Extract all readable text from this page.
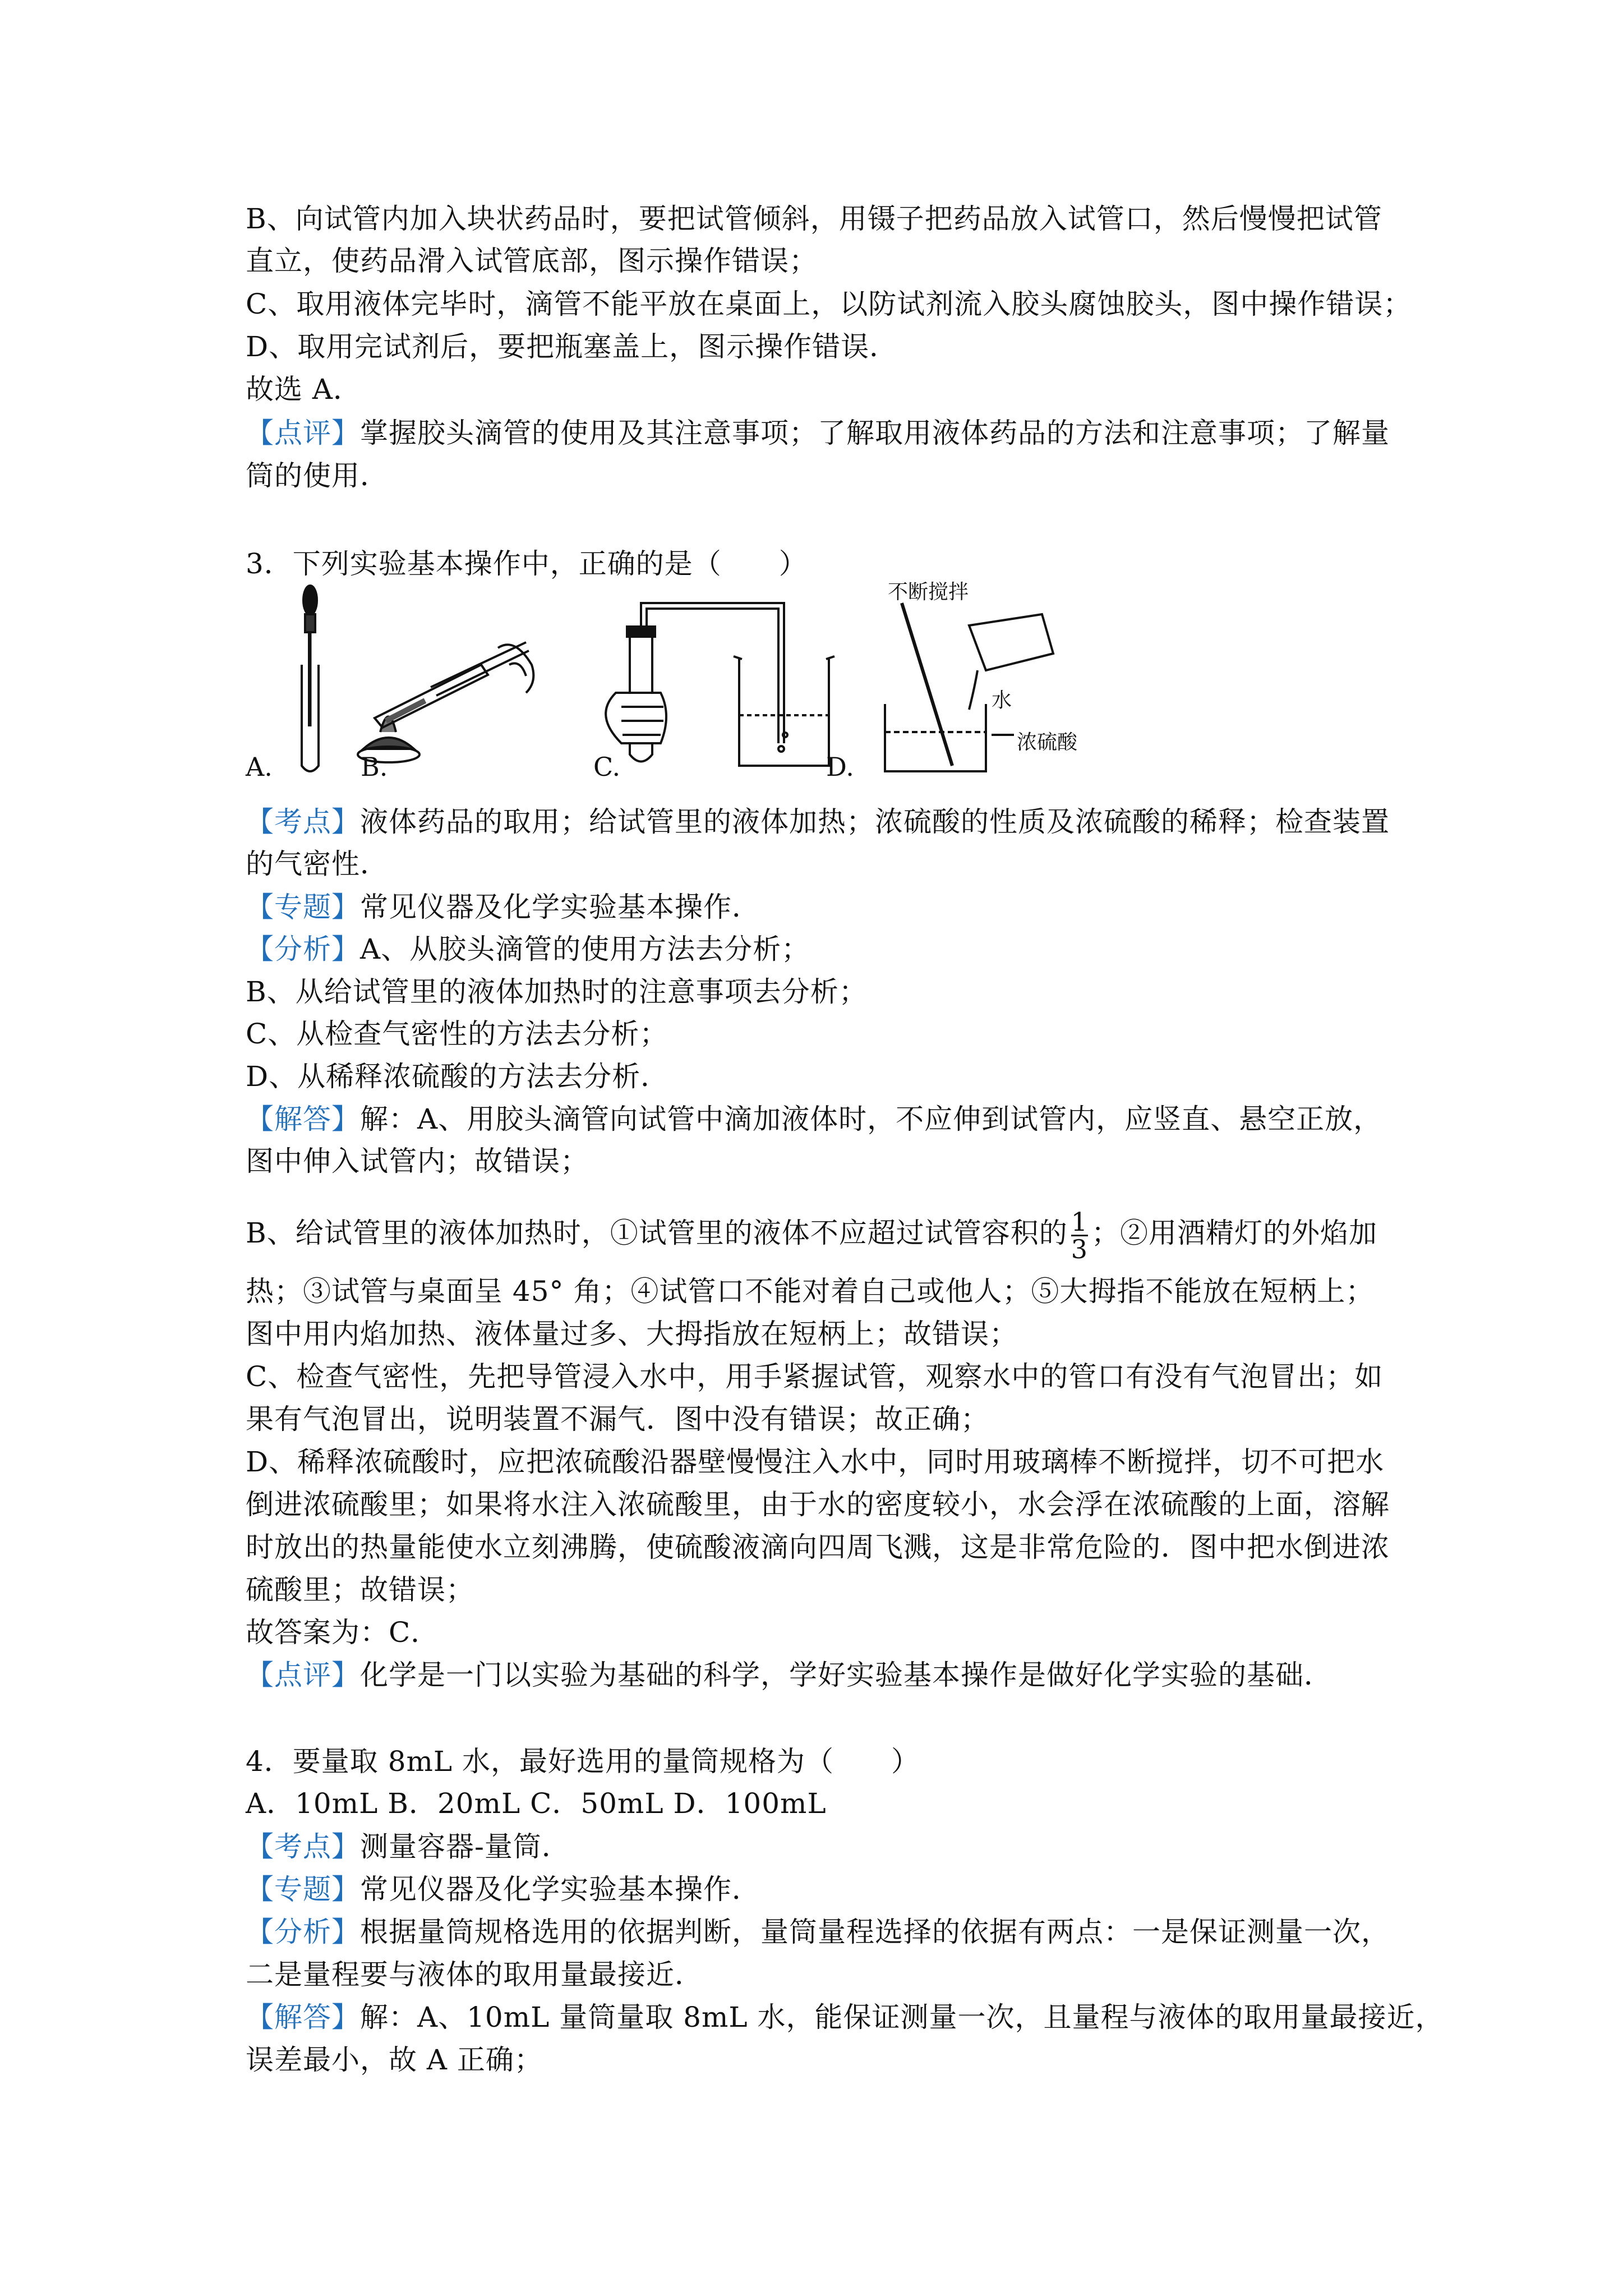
B、向试管内加入块状药品时，要把试管倾斜，用镊子把药品放入试管口，然后慢慢把试管
直立，使药品滑入试管底部，图示操作错误；
C、取用液体完毕时，滴管不能平放在桌面上，以防试剂流入胶头腐蚀胶头，图中操作错误；
D、取用完试剂后，要把瓶塞盖上，图示操作错误．
故选 A．
【点评】掌握胶头滴管的使用及其注意事项；了解取用液体药品的方法和注意事项；了解量
筒的使用．
3．下列实验基本操作中，正确的是（　　）
不断搅拌
水
浓硫酸
A.	B.	C.	D.
【考点】液体药品的取用；给试管里的液体加热；浓硫酸的性质及浓硫酸的稀释；检查装置
的气密性．
【专题】常见仪器及化学实验基本操作．
【分析】A、从胶头滴管的使用方法去分析；
B、从给试管里的液体加热时的注意事项去分析；
C、从检查气密性的方法去分析；
D、从稀释浓硫酸的方法去分析．
【解答】解：A、用胶头滴管向试管中滴加液体时，不应伸到试管内，应竖直、悬空正放，
图中伸入试管内；故错误；
B、给试管里的液体加热时，①试管里的液体不应超过试管容积的 $\frac{1}{3}$ ；②用酒精灯的外焰加
热；③试管与桌面呈 45° 角；④试管口不能对着自己或他人；⑤大拇指不能放在短柄上；
图中用内焰加热、液体量过多、大拇指放在短柄上；故错误；
C、检查气密性，先把导管浸入水中，用手紧握试管，观察水中的管口有没有气泡冒出；如
果有气泡冒出，说明装置不漏气．图中没有错误；故正确；
D、稀释浓硫酸时，应把浓硫酸沿器壁慢慢注入水中，同时用玻璃棒不断搅拌，切不可把水
倒进浓硫酸里；如果将水注入浓硫酸里，由于水的密度较小，水会浮在浓硫酸的上面，溶解
时放出的热量能使水立刻沸腾，使硫酸液滴向四周飞溅，这是非常危险的．图中把水倒进浓
硫酸里；故错误；
故答案为：C．
【点评】化学是一门以实验为基础的科学，学好实验基本操作是做好化学实验的基础．
4．要量取 8mL 水，最好选用的量筒规格为（　　）
A．10mL B．20mL C．50mL D．100mL
【考点】测量容器-量筒．
【专题】常见仪器及化学实验基本操作．
【分析】根据量筒规格选用的依据判断，量筒量程选择的依据有两点：一是保证测量一次，
二是量程要与液体的取用量最接近．
【解答】解：A、10mL 量筒量取 8mL 水，能保证测量一次，且量程与液体的取用量最接近，
误差最小，故 A 正确；
